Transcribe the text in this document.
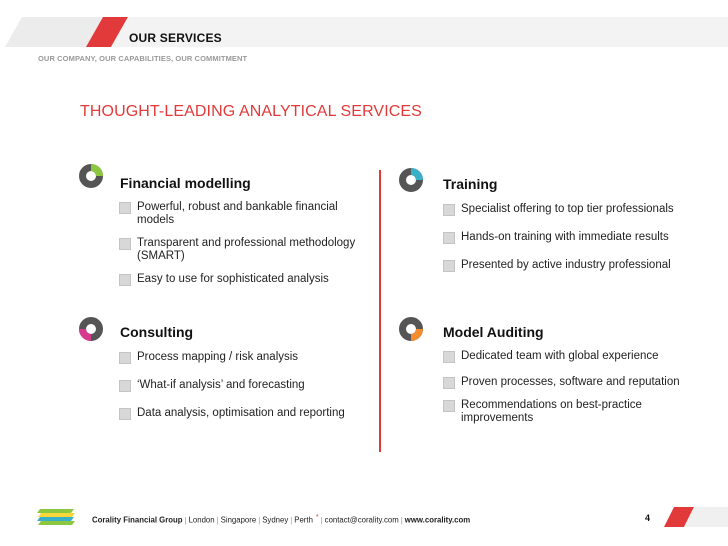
OUR SERVICES
OUR COMPANY, OUR CAPABILITIES, OUR COMMITMENT
THOUGHT-LEADING ANALYTICAL SERVICES
Financial modelling
Powerful, robust and bankable financial models
Transparent and professional methodology (SMART)
Easy to use for sophisticated analysis
Training
Specialist offering to top tier professionals
Hands-on training with immediate results
Presented by active industry professional
Consulting
Process mapping / risk analysis
‘What-if analysis’ and forecasting
Data analysis, optimisation and reporting
Model Auditing
Dedicated team with global experience
Proven processes, software and reputation
Recommendations on best-practice improvements
Corality Financial Group | London | Singapore | Sydney | Perth * | contact@corality.com | www.corality.com	4
